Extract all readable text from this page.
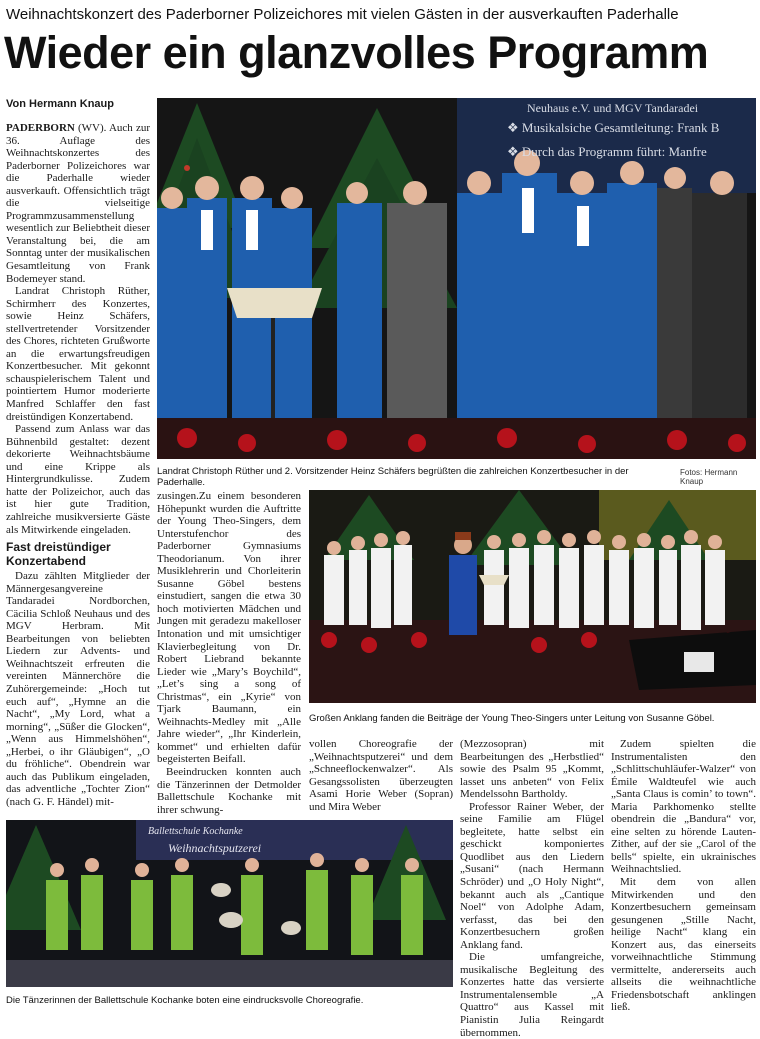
Weihnachtskonzert des Paderborner Polizeichores mit vielen Gästen in der ausverkauften Paderhalle
Wieder ein glanzvolles Programm
Von Hermann Knaup

PADERBORN (WV). Auch zur 36. Auflage des Weihnachtskonzertes des Paderborner Polizeichores war die Paderhalle wieder ausverkauft. Offensichtlich trägt die vielseitige Programmzusammenstellung wesentlich zur Beliebtheit dieser Veranstaltung bei, die am Sonntag unter der musikalischen Gesamtleitung von Frank Bodemeyer stand.

Landrat Christoph Rüther, Schirmherr des Konzertes, sowie Heinz Schäfers, stellvertretender Vorsitzender des Chores, richteten Grußworte an die erwartungsfreudigen Konzertbesucher. Mit gekonnt schauspielerischem Talent und pointiertem Humor moderierte Manfred Schlaffer den fast dreistündigen Konzertabend.

Passend zum Anlass war das Bühnenbild gestaltet: dezent dekorierte Weihnachtsbäume und eine Krippe als Hintergrundkulisse. Zudem hatte der Polizeichor, auch das ist hier gute Tradition, zahlreiche musikversierte Gäste als Mitwirkende eingeladen.

Fast dreistündiger Konzertabend

Dazu zählten Mitglieder der Männergesangvereine Tandaradei Nordborchen, Cäcilia Schloß Neuhaus und des MGV Herbram. Mit Bearbeitungen von beliebten Liedern zur Advents- und Weihnachtszeit erfreuten die vereinten Männerchöre die Zuhörergemeinde: „Hoch tut euch auf“, „Hymne an die Nacht“, „My Lord, what a morning“, „Süßer die Glocken“, „Wenn aus Himmelshöhen“, „Herbei, o ihr Gläubigen“, „O du fröhliche“. Obendrein war auch das Publikum eingeladen, das adventliche „Tochter Zion“ (nach G. F. Händel) mit-

Neuhaus e.V. und MGV Tandaradei
❖ Musikalsiche Gesamtleitung: Frank B
❖ Durch das Programm führt: Manfre
Landrat Christoph Rüther und 2. Vorsitzender Heinz Schäfers begrüßten die zahlreichen Konzertbesucher in der Paderhalle.
Fotos: Hermann Knaup

zusingen.Zu einem besonderen Höhepunkt wurden die Auftritte der Young Theo-Singers, dem Unterstufenchor des Paderborner Gymnasiums Theodorianum. Von ihrer Musiklehrerin und Chorleiterin Susanne Göbel bestens einstudiert, sangen die etwa 30 hoch motivierten Mädchen und Jungen mit geradezu makelloser Intonation und mit umsichtiger Klavierbegleitung von Dr. Robert Liebrand bekannte Lieder wie „Mary’s Boychild“, „Let’s sing a song of Christmas“, ein „Kyrie“ von Tjark Baumann, ein Weihnachts-Medley mit „Alle Jahre wieder“, „Ihr Kinderlein, kommet“ und erhielten dafür begeisterten Beifall.

Beeindrucken konnten auch die Tänzerinnen der Detmolder Ballettschule Kochanke mit ihrer schwung-

Großen Anklang fanden die Beiträge der Young Theo-Singers unter Leitung von Susanne Göbel.

vollen Choreografie der „Weihnachtsputzerei“ und dem „Schneeflockenwalzer“. Als Gesangssolisten überzeugten Asami Horie Weber (Sopran) und Mira Weber

(Mezzosopran) mit Bearbeitungen des „Herbstlied“ sowie des Psalm 95 „Kommt, lasset uns anbeten“ von Felix Mendelssohn Bartholdy.

Professor Rainer Weber, der seine Familie am Flügel begleitete, hatte selbst ein geschickt komponiertes Quodlibet aus den Liedern „Susani“ (nach Hermann Schröder) und „O Holy Night“, bekannt auch als „Cantique Noel“ von Adolphe Adam, verfasst, das bei den Konzertbesuchern großen Anklang fand.

Die umfangreiche, musikalische Begleitung des Konzertes hatte das versierte Instrumentalensemble „A Quattro“ aus Kassel mit Pianistin Julia Reingardt übernommen.

Zudem spielten die Instrumentalisten den „Schlittschuhläufer-Walzer“ von Émile Waldteufel wie auch „Santa Claus is comin’ to town“. Maria Parkhomenko stellte obendrein die „Bandura“ vor, eine selten zu hörende Lauten-Zither, auf der sie „Carol of the bells“ spielte, ein ukrainisches Weihnachtslied.

Mit dem von allen Mitwirkenden und den Konzertbesuchern gemeinsam gesungenen „Stille Nacht, heilige Nacht“ klang ein Konzert aus, das einerseits vorweihnachtliche Stimmung vermittelte, andererseits auch allseits die weihnachtliche Friedensbotschaft anklingen ließ.

Ballettschule Kochanke
Weihnachtsputzerei
Die Tänzerinnen der Ballettschule Kochanke boten eine eindrucksvolle Choreografie.
